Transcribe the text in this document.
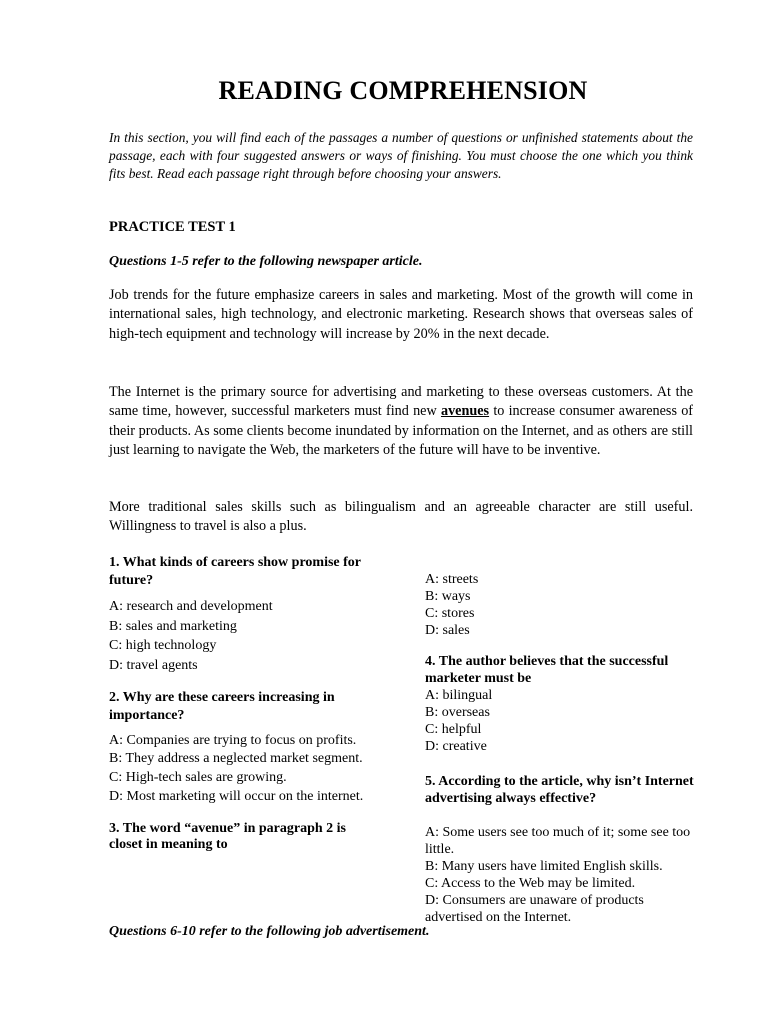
READING COMPREHENSION

In this section, you will find each of the passages a number of questions or unfinished statements about the passage, each with four suggested answers or ways of finishing. You must choose the one which you think fits best. Read each passage right through before choosing your answers.

PRACTICE TEST 1

Questions 1-5 refer to the following newspaper article.

Job trends for the future emphasize careers in sales and marketing. Most of the growth will come in international sales, high technology, and electronic marketing. Research shows that overseas sales of high-tech equipment and technology will increase by 20% in the next decade.

The Internet is the primary source for advertising and marketing to these overseas customers. At the same time, however, successful marketers must find new avenues to increase consumer awareness of their products. As some clients become inundated by information on the Internet, and as others are still just learning to navigate the Web, the marketers of the future will have to be inventive.

More traditional sales skills such as bilingualism and an agreeable character are still useful. Willingness to travel is also a plus.

1. What kinds of careers show promise for future?

A: research and development

B: sales and marketing

C: high technology

D: travel agents

2. Why are these careers increasing in importance?

A: Companies are trying to focus on profits.

B: They address a neglected market segment.

C: High-tech sales are growing.

D: Most marketing will occur on the internet.

3. The word “avenue” in paragraph 2 is closet in meaning to

A: streets

B: ways

C: stores

D: sales

4. The author believes that the successful marketer must be

A: bilingual

B: overseas

C: helpful

D: creative

5. According to the article, why isn’t Internet advertising always effective?

A: Some users see too much of it; some see too little.

B: Many users have limited English skills.

C: Access to the Web may be limited.

D: Consumers are unaware of products advertised on the Internet.

Questions 6-10 refer to the following job advertisement.
